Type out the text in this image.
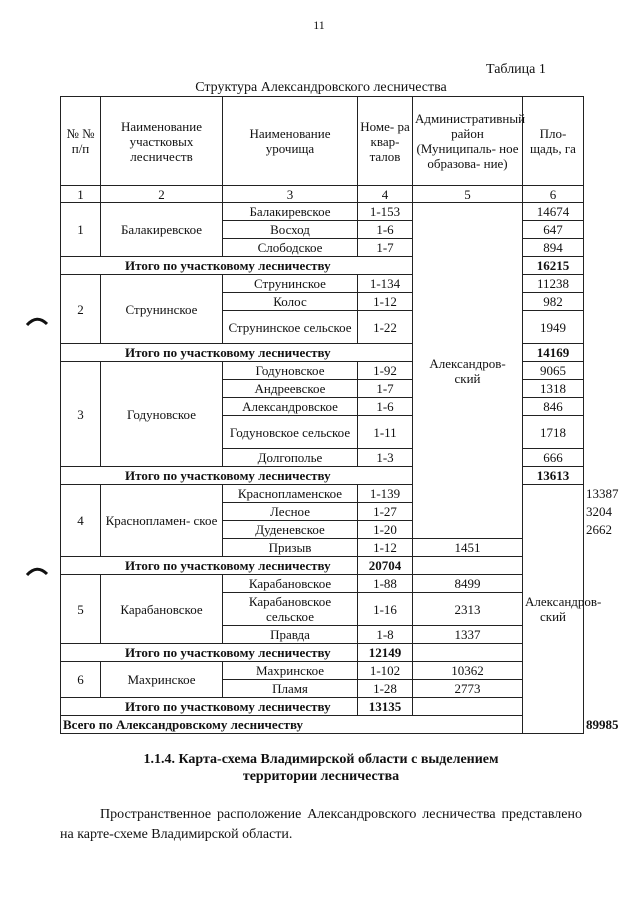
11
Таблица 1
Структура Александровского лесничества
№ № п/п	Наименование участковых лесничеств	Наименование урочища	Номе- ра квар- талов	Административный район (Муниципаль- ное образова- ние)	Пло- щадь, га	
1	2	3	4	5	6	
1	Балакиревское	Балакиревское	1-153	Александров- ский	14674	
		Восход	1-6		647	
		Слободское	1-7		894	
Итого по участковому лесничеству					16215	
2	Струнинское	Струнинское	1-134		11238	
		Колос	1-12		982	
		Струнинское сельское	1-22		1949	
Итого по участковому лесничеству					14169	
3	Годуновское	Годуновское	1-92		9065	
		Андреевское	1-7		1318	
		Александровское	1-6		846	
		Годуновское сельское	1-11		1718	
		Долгополье	1-3		666	
Итого по участковому лесничеству					13613	
4	Краснопламен- ское	Краснопламенское	1-139		Александров- ский	13387
		Лесное	1-27			3204
		Дуденевское	1-20			2662
		Призыв	1-12	1451		
Итого по участковому лесничеству			20704			
5	Карабановское	Карабановское	1-88	8499		
		Карабановское сельское	1-16	2313		
		Правда	1-8	1337		
Итого по участковому лесничеству			12149			
6	Махринское	Махринское	1-102	10362		
		Пламя	1-28	2773		
Итого по участковому лесничеству			13135			
Всего по Александровскому лесничеству						89985
1.1.4. Карта-схема Владимирской области с выделением
территории лесничества
Пространственное расположение Александровского лесничества представлено на карте-схеме Владимирской области.
